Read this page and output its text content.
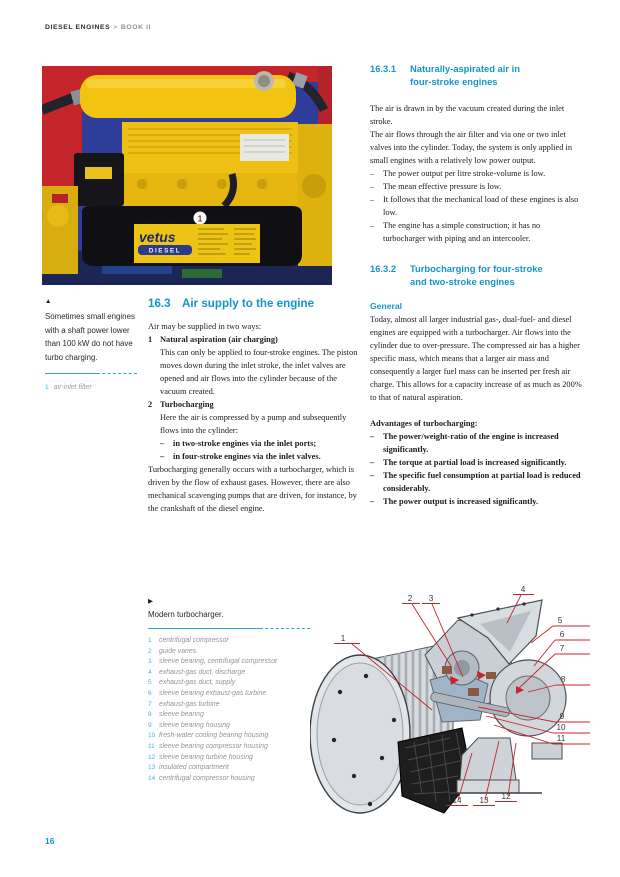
DIESEL ENGINES > BOOK II
1
vetus
DIESEL
▲
Sometimes small engines with a shaft power lower than 100 kW do not have turbo charging.
1 air-inlet filter
16.3 Air supply to the engine

Air may be supplied in two ways:

1 Natural aspiration (air charging)

This can only be applied to four-stroke engines. The piston moves down during the inlet stroke, the inlet valves are opened and air flows into the cylinder because of the vacuum created.

2 Turbocharging

Here the air is compressed by a pump and subsequently flows into the cylinder:

– in two-stroke engines via the inlet ports;
– in four-stroke engines via the inlet valves.

Turbocharging generally occurs with a turbocharger, which is driven by the flow of exhaust gases. However, there are also mechanical scavenging pumps that are driven, for instance, by the crankshaft of the diesel engine.

16.3.1	Naturally-aspirated air in
four-stroke engines

The air is drawn in by the vacuum created during the inlet stroke.

The air flows through the air filter and via one or two inlet valves into the cylinder. Today, the system is only applied in small engines with a relatively low power output.

– The power output per litre stroke-volume is low.
– The mean effective pressure is low.
– It follows that the mechanical load of these engines is also low.
– The engine has a simple construction; it has no turbocharger with piping and an intercooler.
16.3.2	Turbocharging for four-stroke
and two-stroke engines
General

Today, almost all larger industrial gas-, dual-fuel- and diesel engines are equipped with a turbocharger. Air flows into the cylinder due to over-pressure. The compressed air has a higher specific mass, which means that a larger air mass and consequently a larger fuel mass can be inserted per fresh air charge. This allows for a capacity increase of as much as 200% to that of natural aspiration.

Advantages of turbocharging:

– The power/weight-ratio of the engine is increased significantly.
– The torque at partial load is increased significantly.
– The specific fuel consumption at partial load is reduced considerably.
– The power output is increased significantly.
▶
Modern turbocharger.
1	centrifugal compressor
2	guide vanes
3	sleeve bearing, centrifugal compressor
4	exhaust-gas duct, discharge
5	exhaust-gas duct, supply
6	sleeve bearing exhaust-gas turbine
7	exhaust-gas turbine
8	sleeve bearing
9	sleeve bearing housing
10 fresh-water cooling bearing housing
11 sleeve bearing compressor housing
12 sleeve bearing turbine housing
13 insulated compartment
14 centrifugal compressor housing
1
2 3
4
5
6
7
8
9
10
11
12
13
14
16
